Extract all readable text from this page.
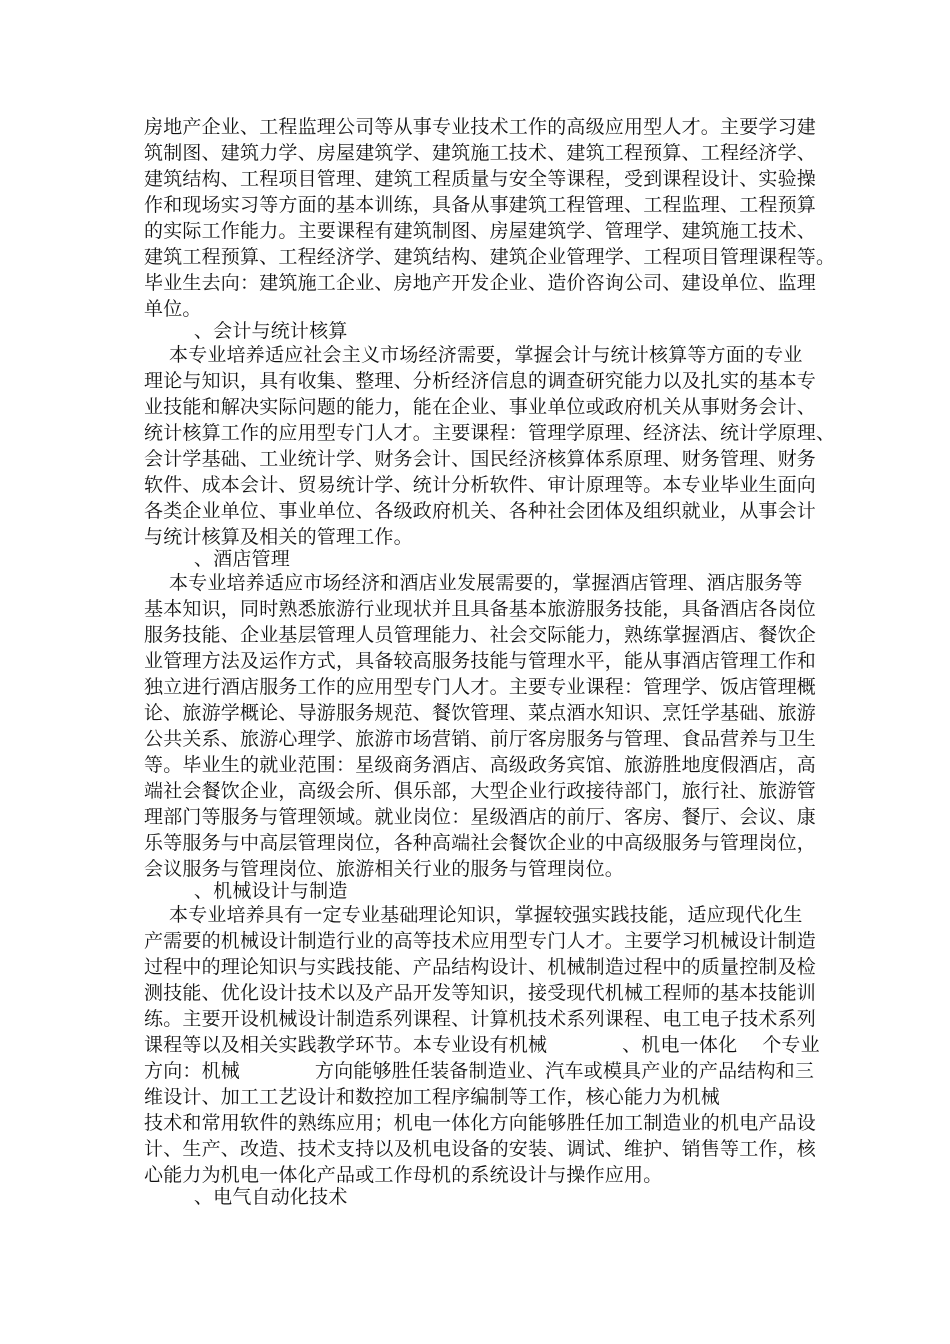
房地产企业、工程监理公司等从事专业技术工作的高级应用型人才。主要学习建
筑制图、建筑力学、房屋建筑学、建筑施工技术、建筑工程预算、工程经济学、
建筑结构、工程项目管理、建筑工程质量与安全等课程，受到课程设计、实验操
作和现场实习等方面的基本训练，具备从事建筑工程管理、工程监理、工程预算
的实际工作能力。主要课程有建筑制图、房屋建筑学、管理学、建筑施工技术、
建筑工程预算、工程经济学、建筑结构、建筑企业管理学、工程项目管理课程等。
毕业生去向：建筑施工企业、房地产开发企业、造价咨询公司、建设单位、监理
单位。
、会计与统计核算
本专业培养适应社会主义市场经济需要，掌握会计与统计核算等方面的专业
理论与知识，具有收集、整理、分析经济信息的调查研究能力以及扎实的基本专
业技能和解决实际问题的能力，能在企业、事业单位或政府机关从事财务会计、
统计核算工作的应用型专门人才。主要课程：管理学原理、经济法、统计学原理、
会计学基础、工业统计学、财务会计、国民经济核算体系原理、财务管理、财务
软件、成本会计、贸易统计学、统计分析软件、审计原理等。本专业毕业生面向
各类企业单位、事业单位、各级政府机关、各种社会团体及组织就业，从事会计
与统计核算及相关的管理工作。
、酒店管理
本专业培养适应市场经济和酒店业发展需要的，掌握酒店管理、酒店服务等
基本知识，同时熟悉旅游行业现状并且具备基本旅游服务技能，具备酒店各岗位
服务技能、企业基层管理人员管理能力、社会交际能力，熟练掌握酒店、餐饮企
业管理方法及运作方式，具备较高服务技能与管理水平，能从事酒店管理工作和
独立进行酒店服务工作的应用型专门人才。主要专业课程：管理学、饭店管理概
论、旅游学概论、导游服务规范、餐饮管理、菜点酒水知识、烹饪学基础、旅游
公共关系、旅游心理学、旅游市场营销、前厅客房服务与管理、食品营养与卫生
等。毕业生的就业范围：星级商务酒店、高级政务宾馆、旅游胜地度假酒店，高
端社会餐饮企业，高级会所、俱乐部，大型企业行政接待部门，旅行社、旅游管
理部门等服务与管理领域。就业岗位：星级酒店的前厅、客房、餐厅、会议、康
乐等服务与中高层管理岗位，各种高端社会餐饮企业的中高级服务与管理岗位，
会议服务与管理岗位、旅游相关行业的服务与管理岗位。
、机械设计与制造
本专业培养具有一定专业基础理论知识，掌握较强实践技能，适应现代化生
产需要的机械设计制造行业的高等技术应用型专门人才。主要学习机械设计制造
过程中的理论知识与实践技能、产品结构设计、机械制造过程中的质量控制及检
测技能、优化设计技术以及产品开发等知识，接受现代机械工程师的基本技能训
练。主要开设机械设计制造系列课程、计算机技术系列课程、电工电子技术系列
课程等以及相关实践教学环节。本专业设有机械            、机电一体化    个专业
方向：机械            方向能够胜任装备制造业、汽车或模具产业的产品结构和三
维设计、加工工艺设计和数控加工程序编制等工作，核心能力为机械
技术和常用软件的熟练应用；机电一体化方向能够胜任加工制造业的机电产品设
计、生产、改造、技术支持以及机电设备的安装、调试、维护、销售等工作，核
心能力为机电一体化产品或工作母机的系统设计与操作应用。
、电气自动化技术
